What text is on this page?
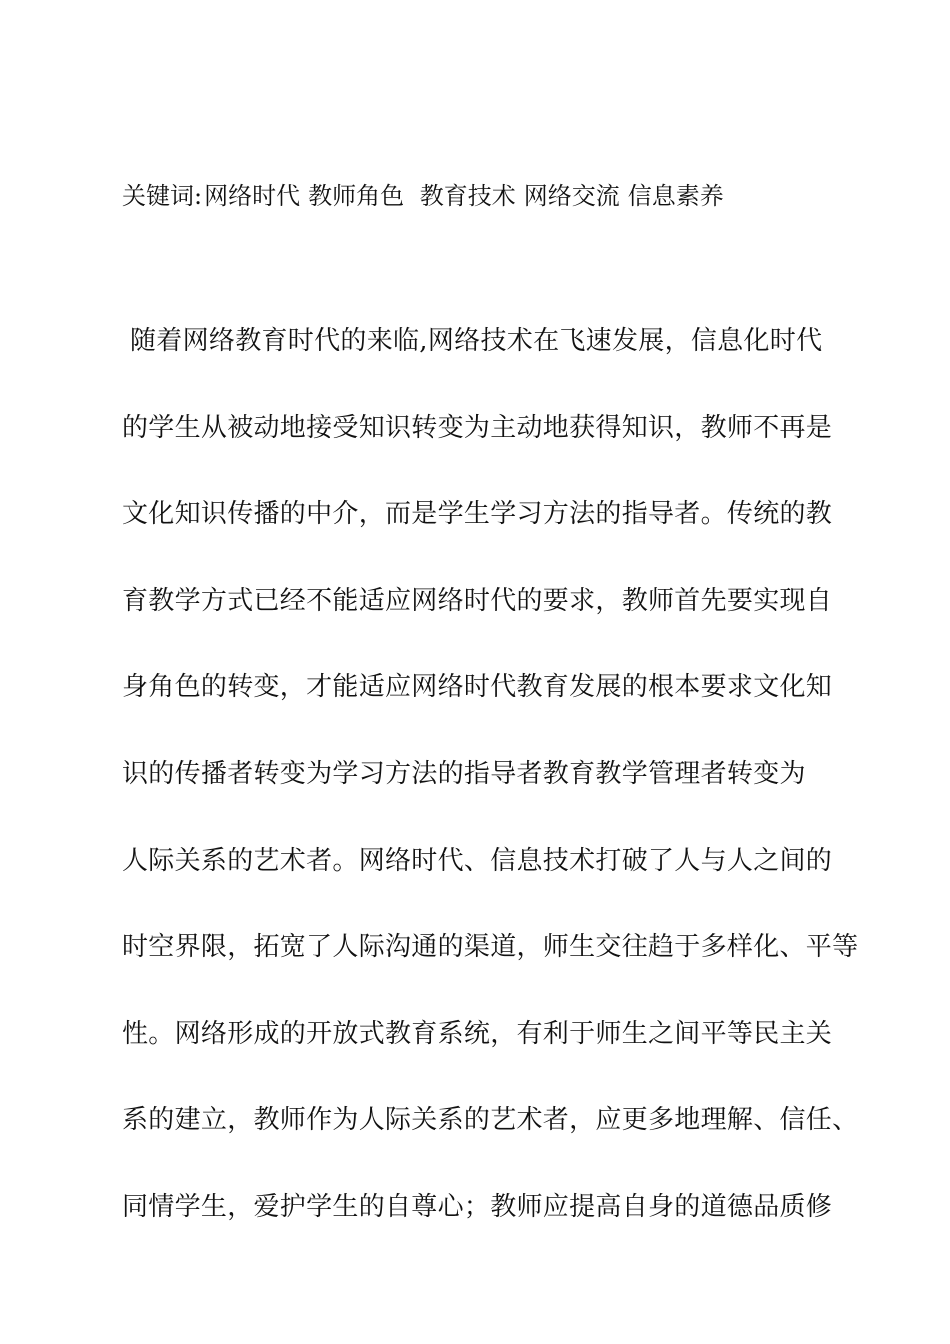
关键词:网络时代 教师角色 教育技术 网络交流 信息素养
随着网络教育时代的来临,网络技术在飞速发展，信息化时代
的学生从被动地接受知识转变为主动地获得知识，教师不再是
文化知识传播的中介，而是学生学习方法的指导者。传统的教
育教学方式已经不能适应网络时代的要求，教师首先要实现自
身角色的转变，才能适应网络时代教育发展的根本要求文化知
识的传播者转变为学习方法的指导者教育教学管理者转变为
人际关系的艺术者。网络时代、信息技术打破了人与人之间的
时空界限，拓宽了人际沟通的渠道，师生交往趋于多样化、平等
性。网络形成的开放式教育系统，有利于师生之间平等民主关
系的建立，教师作为人际关系的艺术者，应更多地理解、信任、
同情学生，爱护学生的自尊心；教师应提高自身的道德品质修
